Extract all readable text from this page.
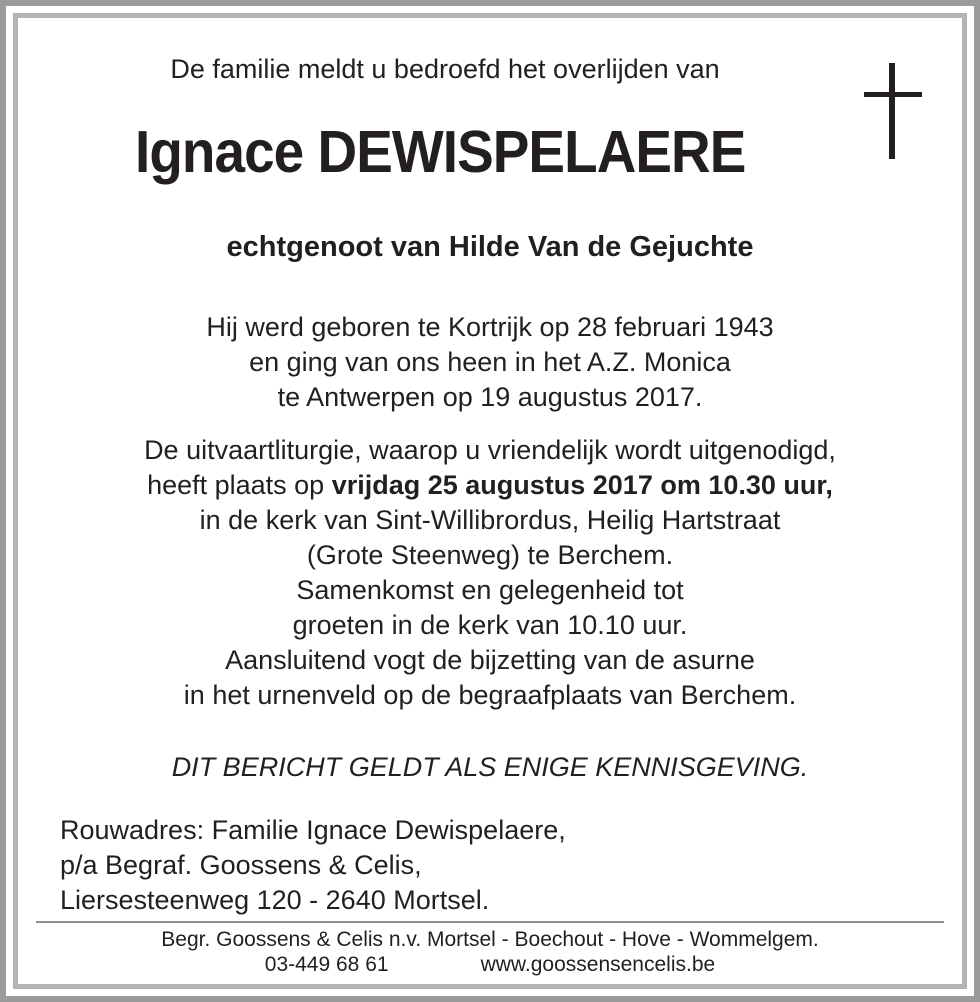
De familie meldt u bedroefd het overlijden van
Ignace DEWISPELAERE
echtgenoot van Hilde Van de Gejuchte
Hij werd geboren te Kortrijk op 28 februari 1943
en ging van ons heen in het A.Z. Monica
te Antwerpen op 19 augustus 2017.
De uitvaartliturgie, waarop u vriendelijk wordt uitgenodigd,
heeft plaats op vrijdag 25 augustus 2017 om 10.30 uur,
in de kerk van Sint-Willibrordus, Heilig Hartstraat
(Grote Steenweg) te Berchem.
Samenkomst en gelegenheid tot
groeten in de kerk van 10.10 uur.
Aansluitend vogt de bijzetting van de asurne
in het urnenveld op de begraafplaats van Berchem.
DIT BERICHT GELDT ALS ENIGE KENNISGEVING.
Rouwadres: Familie Ignace Dewispelaere,
p/a Begraf. Goossens & Celis,
Liersesteenweg 120 - 2640 Mortsel.
Begr. Goossens & Celis n.v. Mortsel - Boechout - Hove - Wommelgem.
03-449 68 61	www.goossensencelis.be
